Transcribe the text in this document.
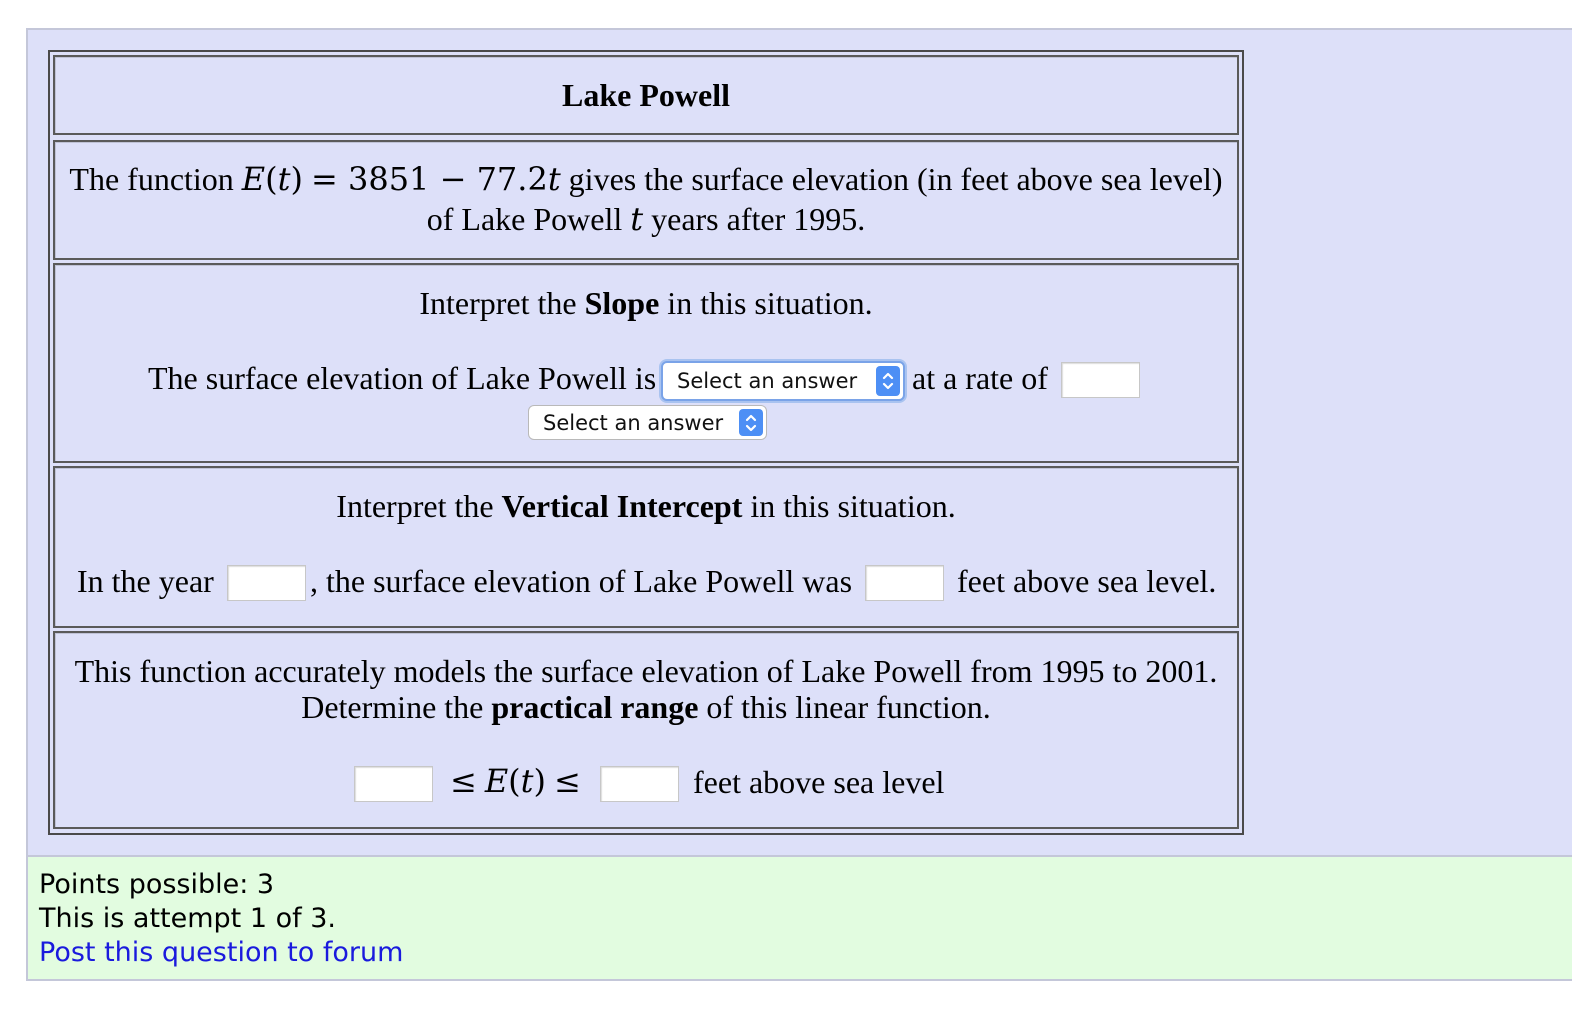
Lake Powell
The function E(t) = 3851 − 77.2t gives the surface elevation (in feet above sea level)
of Lake Powell t years after 1995.
Interpret the Slope in this situation.
The surface elevation of Lake Powell is Select an answer at a rate of
Select an answer
Interpret the Vertical Intercept in this situation.
In the year	, the surface elevation of Lake Powell was	feet above sea level.
This function accurately models the surface elevation of Lake Powell from 1995 to 2001.
Determine the practical range of this linear function.
≤ E(t) ≤	feet above sea level
Points possible: 3
This is attempt 1 of 3.
Post this question to forum
